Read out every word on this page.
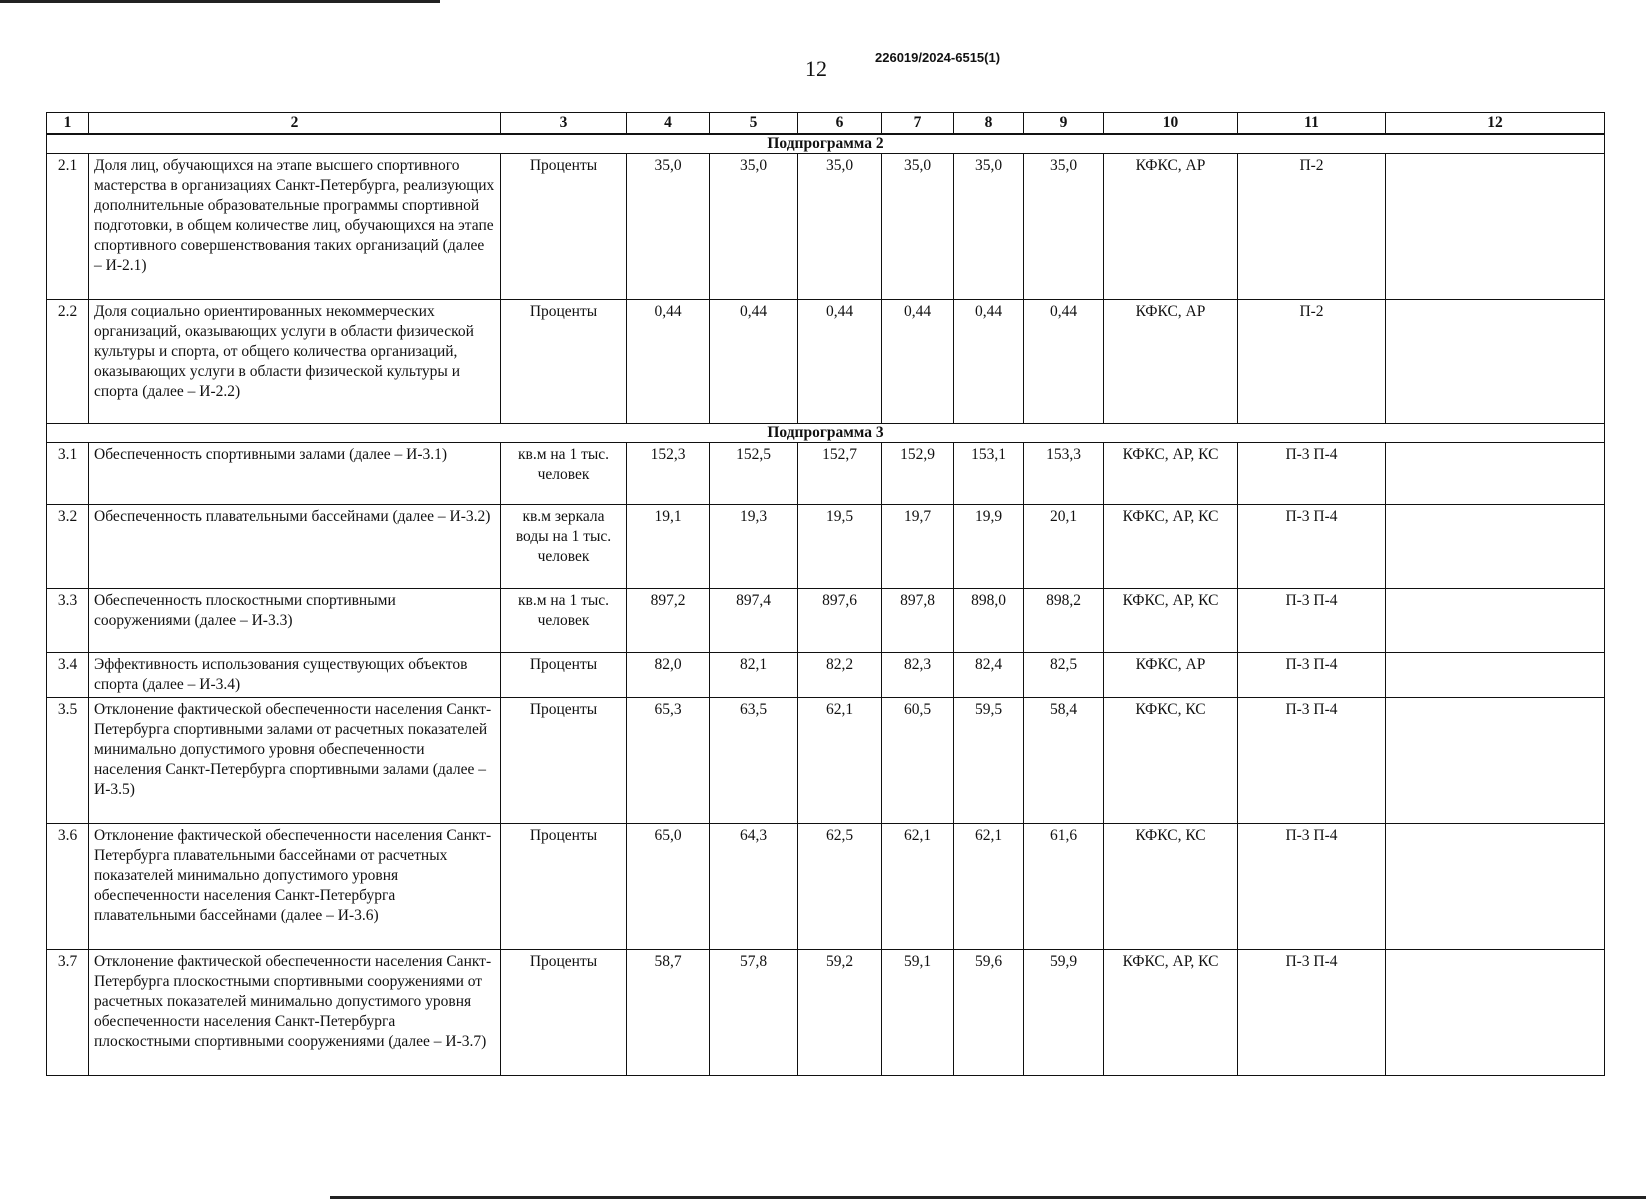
12	226019/2024-6515(1)
1	2	3	4	5	6	7	8	9	10	11	12
Подпрограмма 2											
2.1	Доля лиц, обучающихся на этапе высшего спортивного мастерства в организациях Санкт-Петербурга, реализующих дополнительные образовательные программы спортивной подготовки, в общем количестве лиц, обучающихся на этапе спортивного совершенствования таких организаций (далее – И-2.1)	Проценты	35,0	35,0	35,0	35,0	35,0	35,0	КФКС, АР	П-2	
2.2	Доля социально ориентированных некоммерческих организаций, оказывающих услуги в области физической культуры и спорта, от общего количества организаций, оказывающих услуги в области физической культуры и спорта (далее – И-2.2)	Проценты	0,44	0,44	0,44	0,44	0,44	0,44	КФКС, АР	П-2	
Подпрограмма 3											
3.1	Обеспеченность спортивными залами (далее – И-3.1)	кв.м на 1 тыс. человек	152,3	152,5	152,7	152,9	153,1	153,3	КФКС, АР, КС	П-3 П-4	
3.2	Обеспеченность плавательными бассейнами (далее – И-3.2)	кв.м зеркала воды на 1 тыс. человек	19,1	19,3	19,5	19,7	19,9	20,1	КФКС, АР, КС	П-3 П-4	
3.3	Обеспеченность плоскостными спортивными сооружениями (далее – И-3.3)	кв.м на 1 тыс. человек	897,2	897,4	897,6	897,8	898,0	898,2	КФКС, АР, КС	П-3 П-4	
3.4	Эффективность использования существующих объектов спорта (далее – И-3.4)	Проценты	82,0	82,1	82,2	82,3	82,4	82,5	КФКС, АР	П-3 П-4	
3.5	Отклонение фактической обеспеченности населения Санкт-Петербурга спортивными залами от расчетных показателей минимально допустимого уровня обеспеченности населения Санкт-Петербурга спортивными залами (далее – И-3.5)	Проценты	65,3	63,5	62,1	60,5	59,5	58,4	КФКС, КС	П-3 П-4	
3.6	Отклонение фактической обеспеченности населения Санкт-Петербурга плавательными бассейнами от расчетных показателей минимально допустимого уровня обеспеченности населения Санкт-Петербурга плавательными бассейнами (далее – И-3.6)	Проценты	65,0	64,3	62,5	62,1	62,1	61,6	КФКС, КС	П-3 П-4	
3.7	Отклонение фактической обеспеченности населения Санкт-Петербурга плоскостными спортивными сооружениями от расчетных показателей минимально допустимого уровня обеспеченности населения Санкт-Петербурга плоскостными спортивными сооружениями (далее – И-3.7)	Проценты	58,7	57,8	59,2	59,1	59,6	59,9	КФКС, АР, КС	П-3 П-4	
